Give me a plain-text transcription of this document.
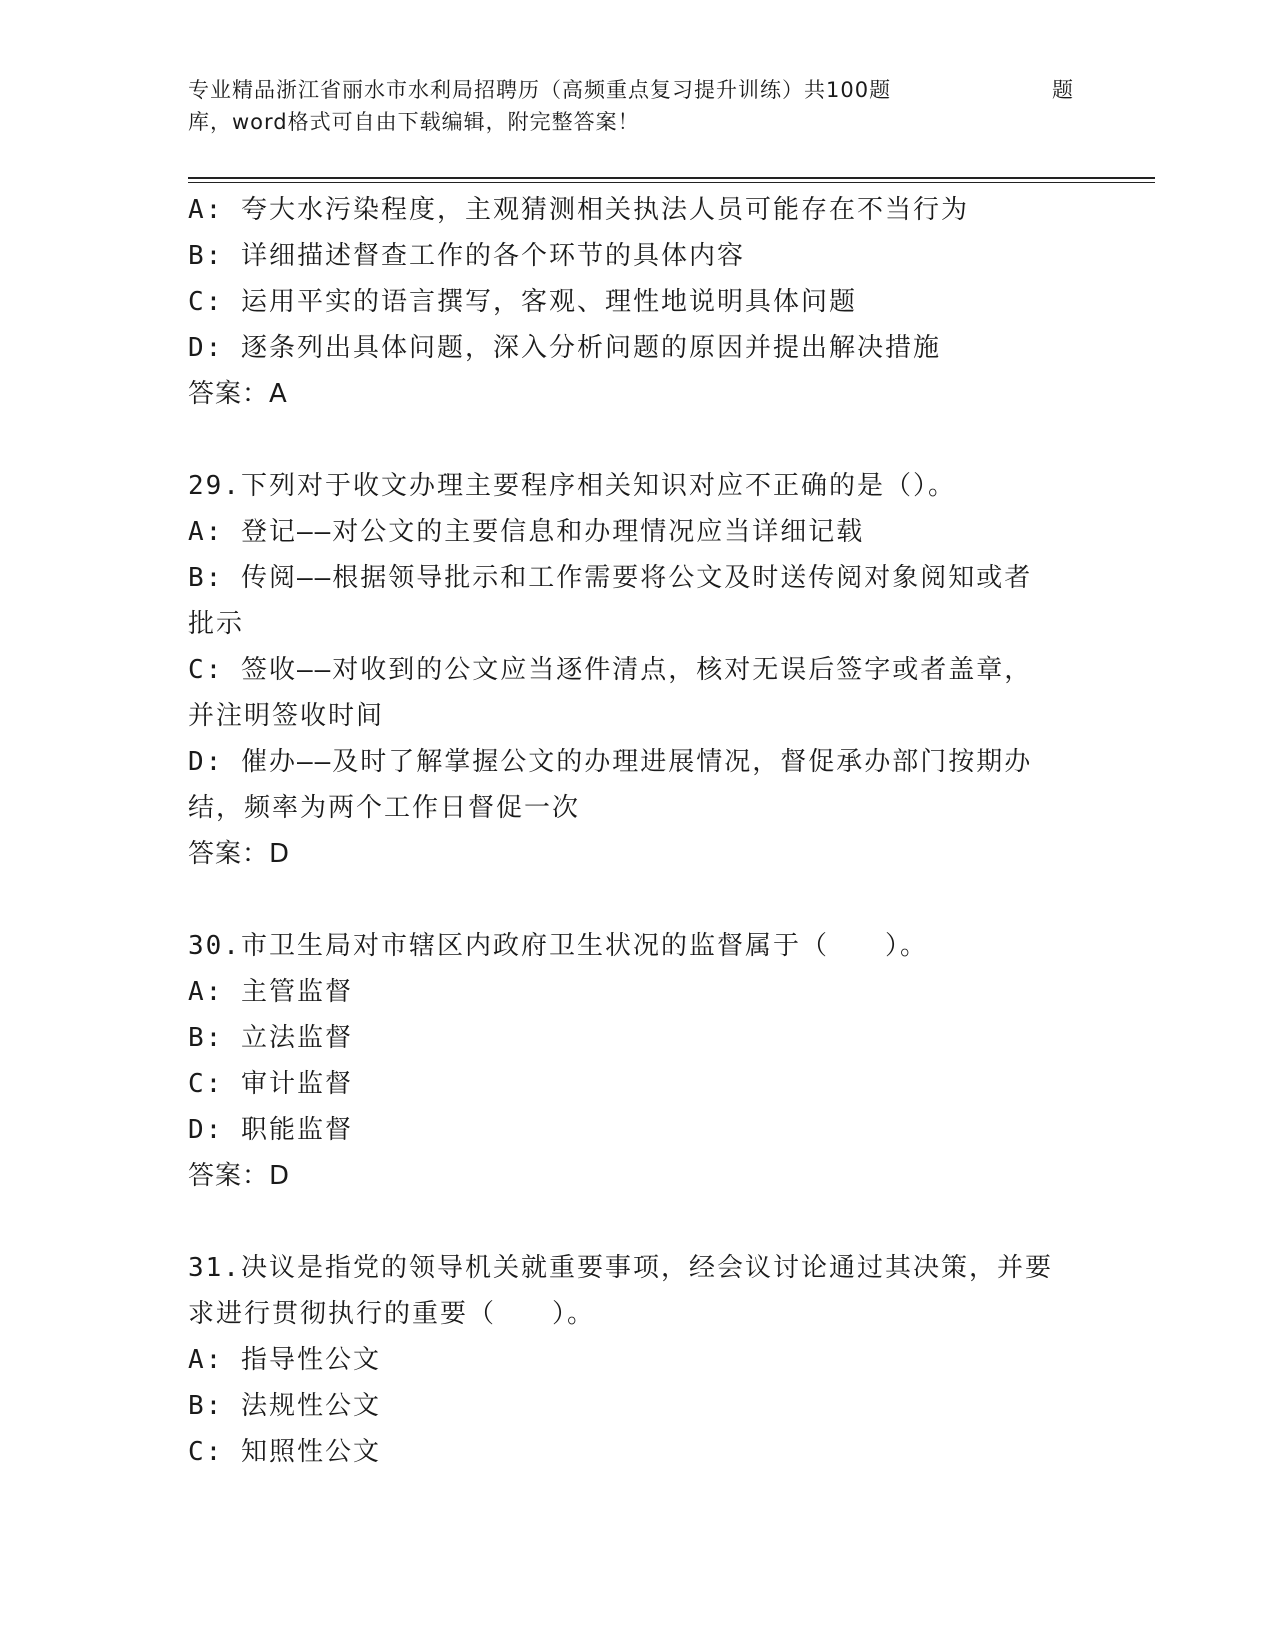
专业精品浙江省丽水市水利局招聘历（高频重点复习提升训练）共100题	题
库，word格式可自由下载编辑，附完整答案！

A: 夸大水污染程度，主观猜测相关执法人员可能存在不当行为

B: 详细描述督查工作的各个环节的具体内容

C: 运用平实的语言撰写，客观、理性地说明具体问题

D: 逐条列出具体问题，深入分析问题的原因并提出解决措施

答案：A

29.下列对于收文办理主要程序相关知识对应不正确的是（）。

A: 登记——对公文的主要信息和办理情况应当详细记载

B: 传阅——根据领导批示和工作需要将公文及时送传阅对象阅知或者

批示

C: 签收——对收到的公文应当逐件清点，核对无误后签字或者盖章，

并注明签收时间

D: 催办——及时了解掌握公文的办理进展情况，督促承办部门按期办

结，频率为两个工作日督促一次

答案：D

30.市卫生局对市辖区内政府卫生状况的监督属于（　　）。

A: 主管监督

B: 立法监督

C: 审计监督

D: 职能监督

答案：D

31.决议是指党的领导机关就重要事项，经会议讨论通过其决策，并要

求进行贯彻执行的重要（　　）。

A: 指导性公文

B: 法规性公文

C: 知照性公文
